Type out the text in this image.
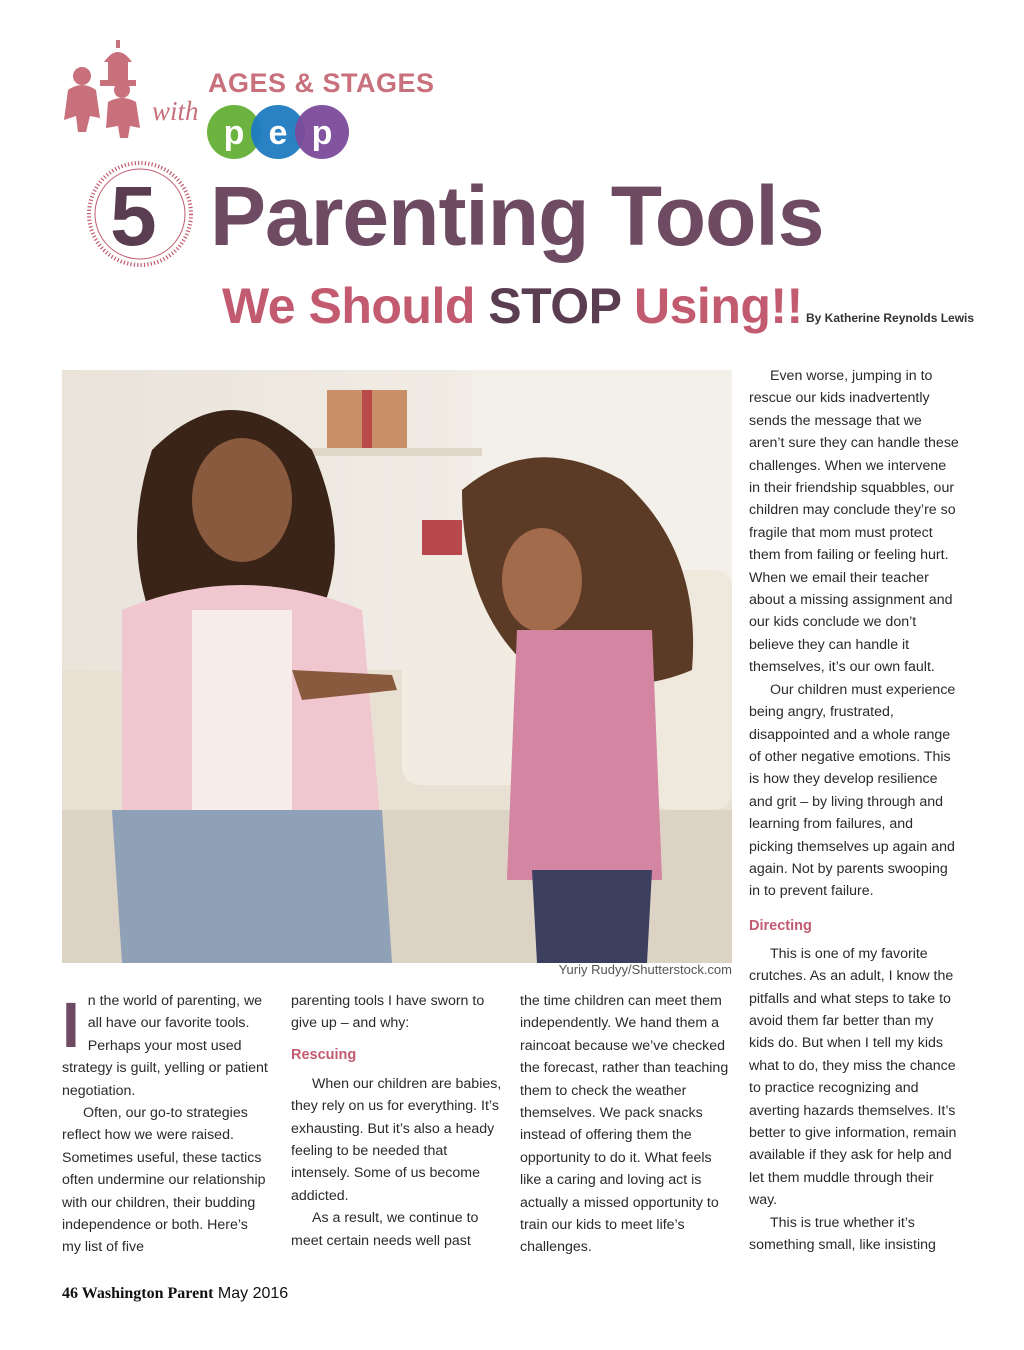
AGES & STAGES
with
p e p
5 Parenting Tools
We Should STOP Using!! By Katherine Reynolds Lewis
Yuriy Rudyy/Shutterstock.com

In the world of parenting, we all have our favorite tools. Perhaps your most used strategy is guilt, yelling or patient negotiation.

Often, our go-to strategies reflect how we were raised. Sometimes useful, these tactics often undermine our relationship with our children, their budding independence or both. Here’s my list of five

parenting tools I have sworn to give up – and why:

Rescuing

When our children are babies, they rely on us for everything. It’s exhausting. But it’s also a heady feeling to be needed that intensely. Some of us become addicted.

As a result, we continue to meet certain needs well past

the time children can meet them independently. We hand them a raincoat because we’ve checked the forecast, rather than teaching them to check the weather themselves. We pack snacks instead of offering them the opportunity to do it. What feels like a caring and loving act is actually a missed opportunity to train our kids to meet life’s challenges.

Even worse, jumping in to rescue our kids inadvertently sends the message that we aren’t sure they can handle these challenges. When we intervene in their friendship squabbles, our children may conclude they’re so fragile that mom must protect them from failing or feeling hurt. When we email their teacher about a missing assignment and our kids conclude we don’t believe they can handle it themselves, it’s our own fault.

Our children must experience being angry, frustrated, disappointed and a whole range of other negative emotions. This is how they develop resilience and grit – by living through and learning from failures, and picking themselves up again and again. Not by parents swooping in to prevent failure.

Directing

This is one of my favorite crutches. As an adult, I know the pitfalls and what steps to take to avoid them far better than my kids do. But when I tell my kids what to do, they miss the chance to practice recognizing and averting hazards themselves. It’s better to give information, remain available if they ask for help and let them muddle through their way.

This is true whether it’s something small, like insisting

46 Washington Parent May 2016
